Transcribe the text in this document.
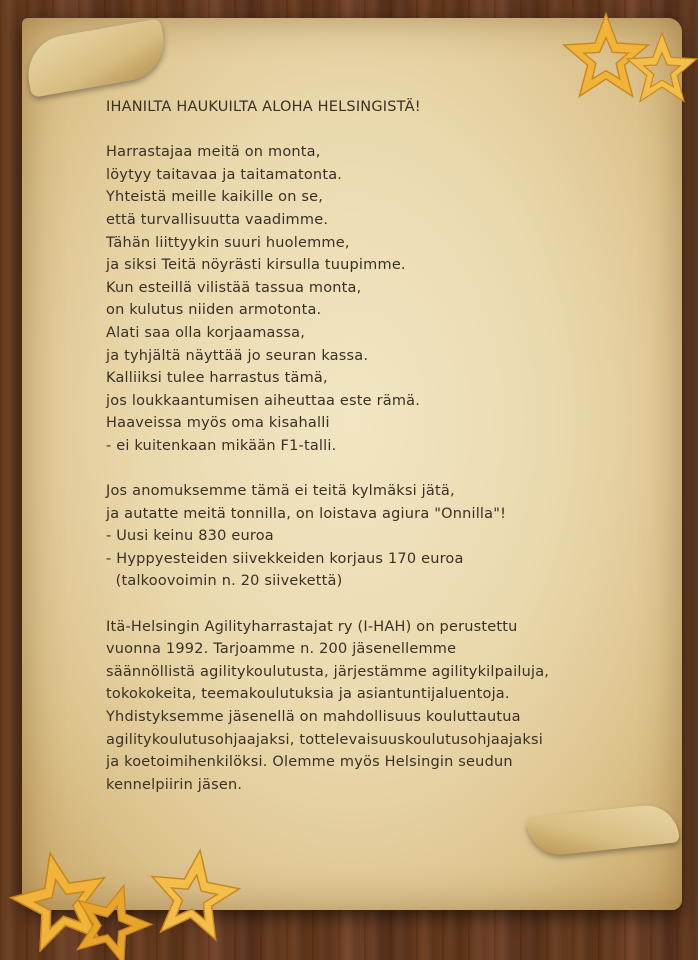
IHANILTA HAUKUILTA ALOHA HELSINGISTÄ!

Harrastajaa meitä on monta,

löytyy taitavaa ja taitamatonta.

Yhteistä meille kaikille on se,

että turvallisuutta vaadimme.

Tähän liittyykin suuri huolemme,

ja siksi Teitä nöyrästi kirsulla tuupimme.

Kun esteillä vilistää tassua monta,

on kulutus niiden armotonta.

Alati saa olla korjaamassa,

ja tyhjältä näyttää jo seuran kassa.

Kalliiksi tulee harrastus tämä,

jos loukkaantumisen aiheuttaa este rämä.

Haaveissa myös oma kisahalli

- ei kuitenkaan mikään F1-talli.

Jos anomuksemme tämä ei teitä kylmäksi jätä,

ja autatte meitä tonnilla, on loistava agiura "Onnilla"!

- Uusi keinu 830 euroa

- Hyppyesteiden siivekkeiden korjaus 170 euroa

(talkoovoimin n. 20 siivekettä)

Itä-Helsingin Agilityharrastajat ry (I-HAH) on perustettu

vuonna 1992. Tarjoamme n. 200 jäsenellemme

säännöllistä agilitykoulutusta, järjestämme agilitykilpailuja,

tokokokeita, teemakoulutuksia ja asiantuntijaluentoja.

Yhdistyksemme jäsenellä on mahdollisuus kouluttautua

agilitykoulutusohjaajaksi, tottelevaisuuskoulutusohjaajaksi

ja koetoimihenkilöksi. Olemme myös Helsingin seudun

kennelpiirin jäsen.
